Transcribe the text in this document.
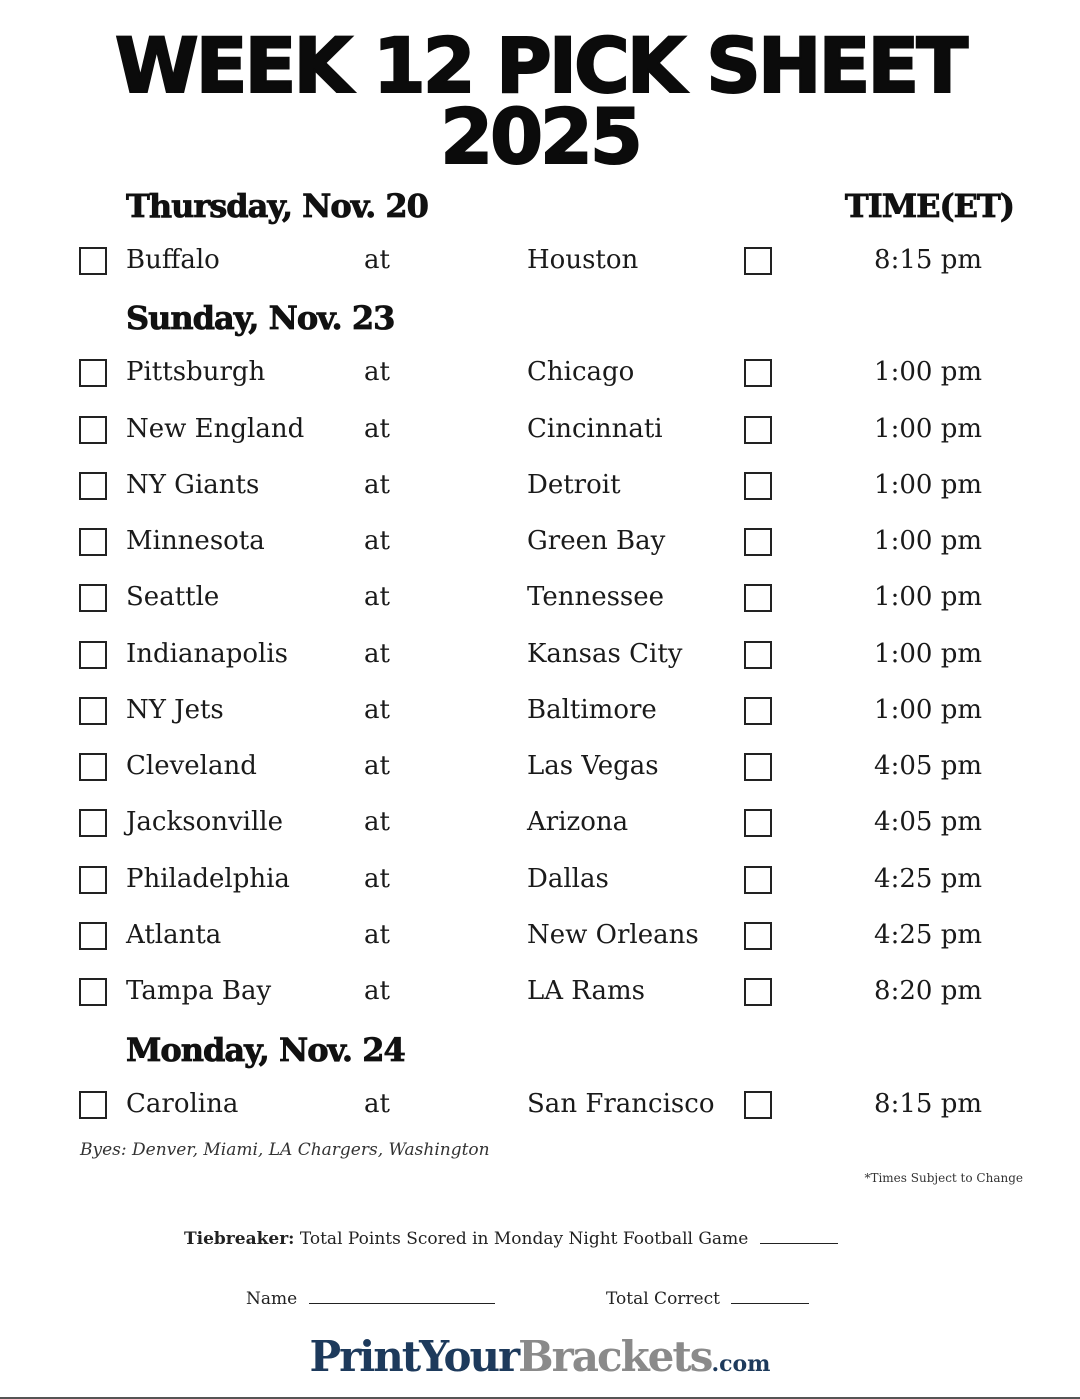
WEEK 12 PICK SHEET
2025
TIME(ET)
Thursday, Nov. 20
Buffalo	at	Houston	8:15 pm
Sunday, Nov. 23
Pittsburgh	at	Chicago	1:00 pm
New England at	Cincinnati	1:00 pm
NY Giants	at	Detroit	1:00 pm
Minnesota	at	Green Bay	1:00 pm
Seattle	at	Tennessee	1:00 pm
Indianapolis	at	Kansas City	1:00 pm
NY Jets	at	Baltimore	1:00 pm
Cleveland	at	Las Vegas	4:05 pm
Jacksonville	at	Arizona	4:05 pm
Philadelphia	at	Dallas	4:25 pm
Atlanta	at	New Orleans	4:25 pm
Tampa Bay	at	LA Rams	8:20 pm
Monday, Nov. 24
Carolina	at	San Francisco	8:15 pm
Byes: Denver, Miami, LA Chargers, Washington
*Times Subject to Change
Tiebreaker: Total Points Scored in Monday Night Football Game
Name	Total Correct
PrintYourBrackets.com
